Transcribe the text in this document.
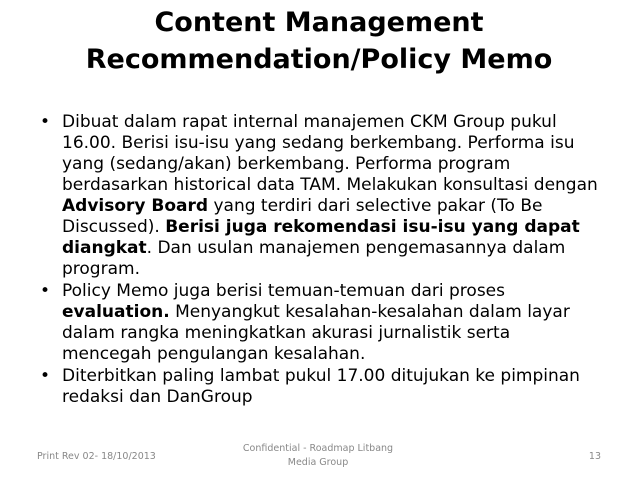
Content Management
Recommendation/Policy Memo
• Dibuat dalam rapat internal manajemen CKM Group pukul 16.00. Berisi isu-isu yang sedang berkembang. Performa isu yang (sedang/akan) berkembang. Performa program berdasarkan historical data TAM. Melakukan konsultasi dengan Advisory Board yang terdiri dari selective pakar (To Be Discussed). Berisi juga rekomendasi isu-isu yang dapat diangkat. Dan usulan manajemen pengemasannya dalam program.
• Policy Memo juga berisi temuan-temuan dari proses evaluation. Menyangkut kesalahan-kesalahan dalam layar dalam rangka meningkatkan akurasi jurnalistik serta mencegah pengulangan kesalahan.
• Diterbitkan paling lambat pukul 17.00 ditujukan ke pimpinan redaksi dan DanGroup
Print Rev 02- 18/10/2013
Confidential - Roadmap Litbang Media Group
13
